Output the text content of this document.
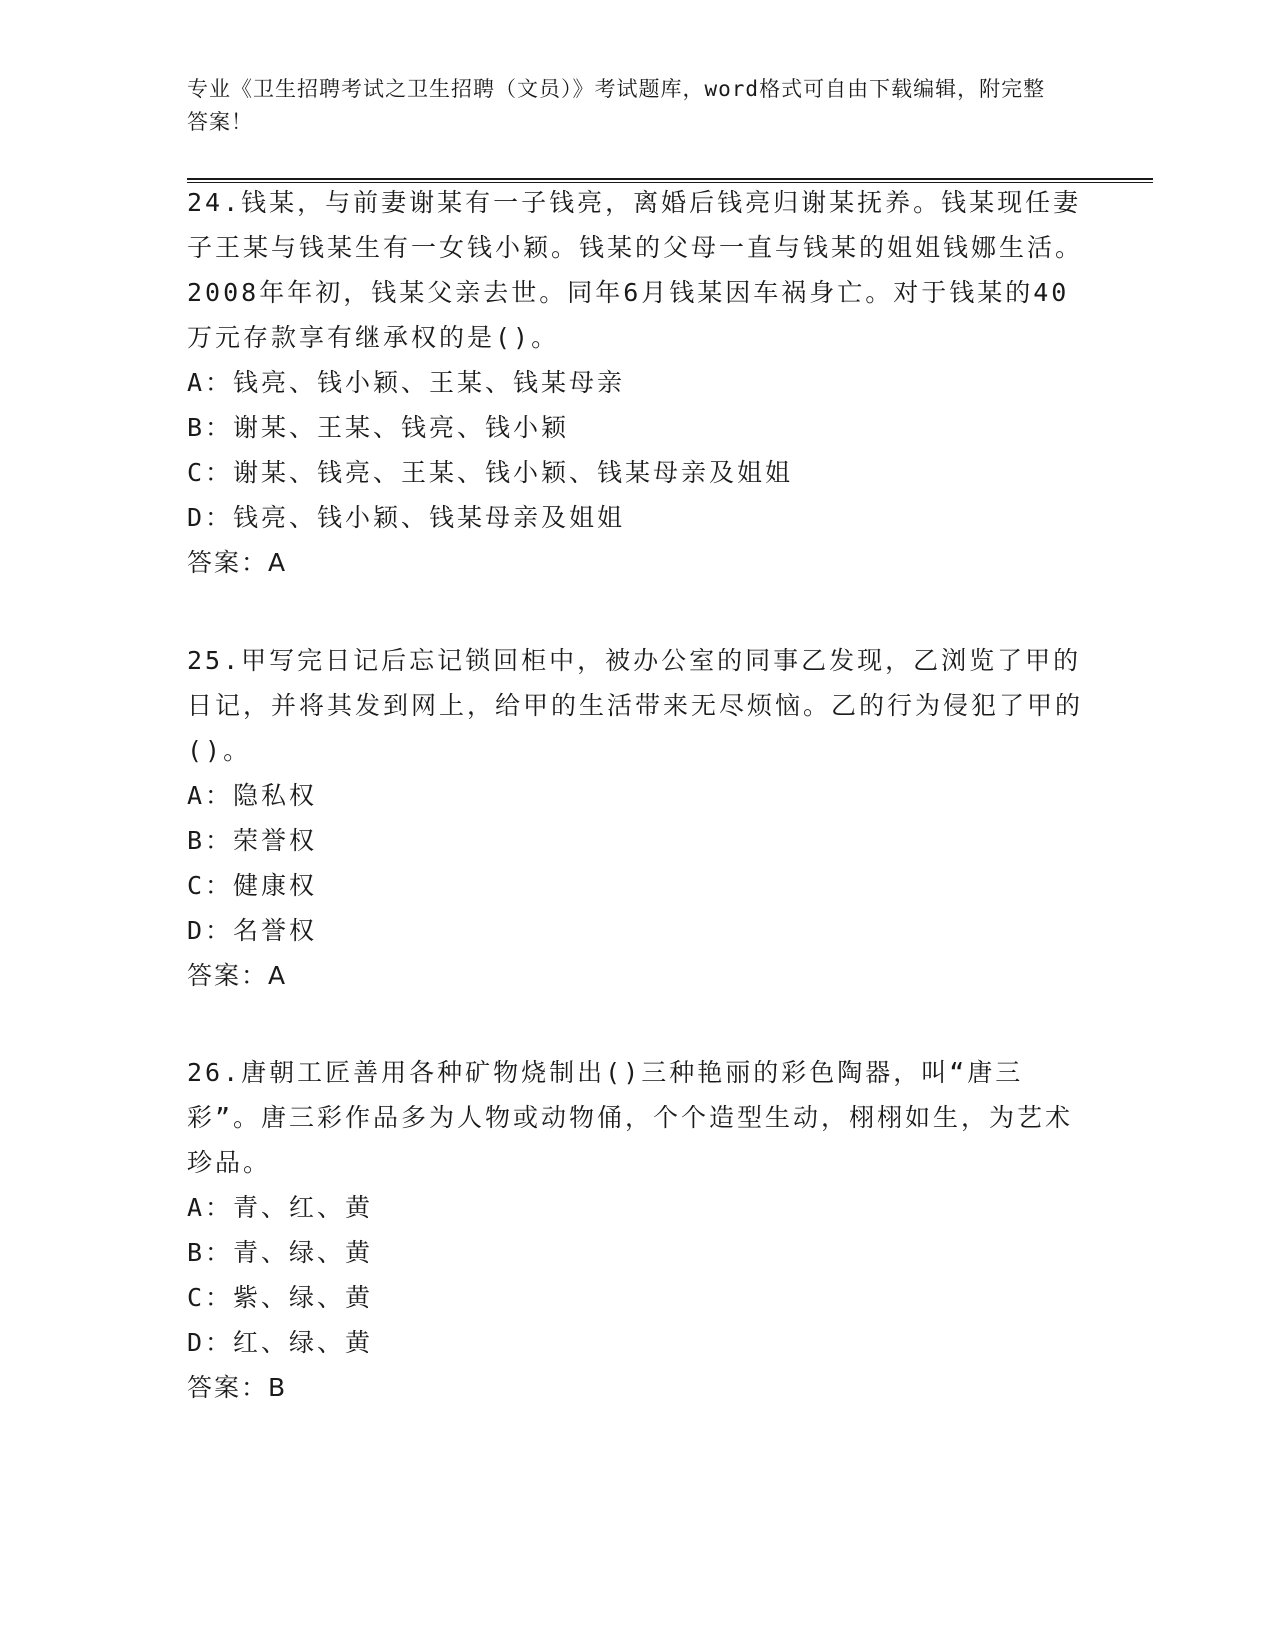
专业《卫生招聘考试之卫生招聘（文员）》考试题库，word格式可自由下载编辑，附完整答案！

24.钱某，与前妻谢某有一子钱亮，离婚后钱亮归谢某抚养。钱某现任妻子王某与钱某生有一女钱小颖。钱某的父母一直与钱某的姐姐钱娜生活。2008年年初，钱某父亲去世。同年6月钱某因车祸身亡。对于钱某的40万元存款享有继承权的是()。

A：钱亮、钱小颖、王某、钱某母亲

B：谢某、王某、钱亮、钱小颖

C：谢某、钱亮、王某、钱小颖、钱某母亲及姐姐

D：钱亮、钱小颖、钱某母亲及姐姐

答案：A

25.甲写完日记后忘记锁回柜中，被办公室的同事乙发现，乙浏览了甲的日记，并将其发到网上，给甲的生活带来无尽烦恼。乙的行为侵犯了甲的()。

A：隐私权

B：荣誉权

C：健康权

D：名誉权

答案：A

26.唐朝工匠善用各种矿物烧制出()三种艳丽的彩色陶器，叫“唐三彩”。唐三彩作品多为人物或动物俑，个个造型生动，栩栩如生，为艺术珍品。

A：青、红、黄

B：青、绿、黄

C：紫、绿、黄

D：红、绿、黄

答案：B
